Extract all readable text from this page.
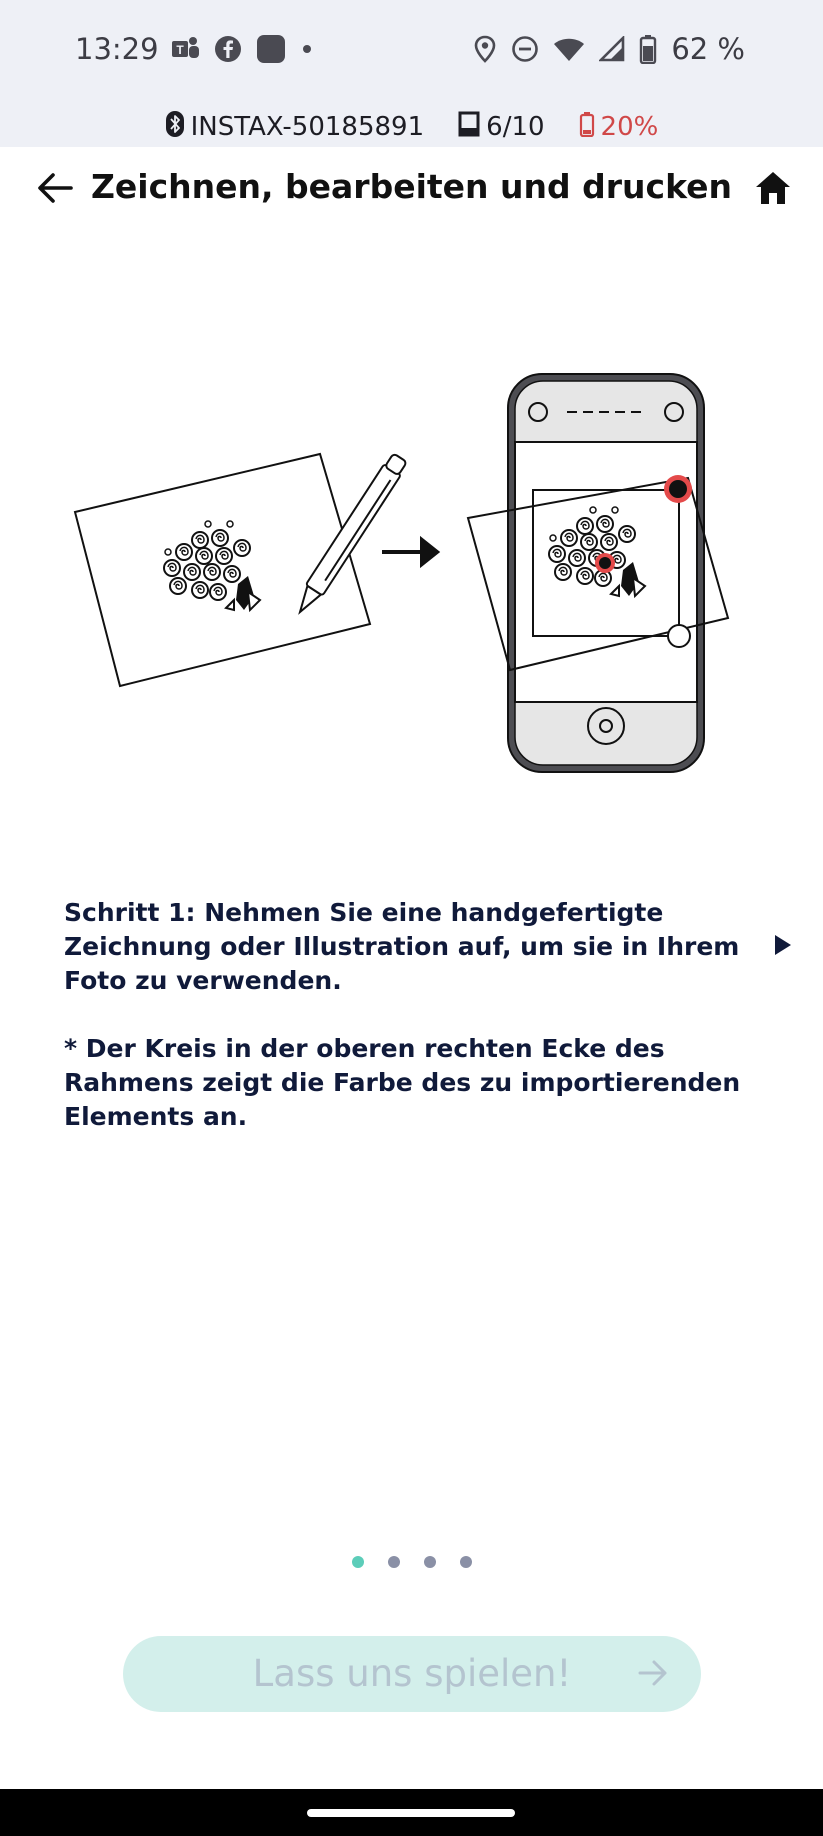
13:29 T	62 %
INSTAX-50185891 6/10 20%
Zeichnen, bearbeiten und drucken

Schritt 1: Nehmen Sie eine handgefertigte Zeichnung oder Illustration auf, um sie in Ihrem Foto zu verwenden.

* Der Kreis in der oberen rechten Ecke des Rahmens zeigt die Farbe des zu importierenden Elements an.

Lass uns spielen!
